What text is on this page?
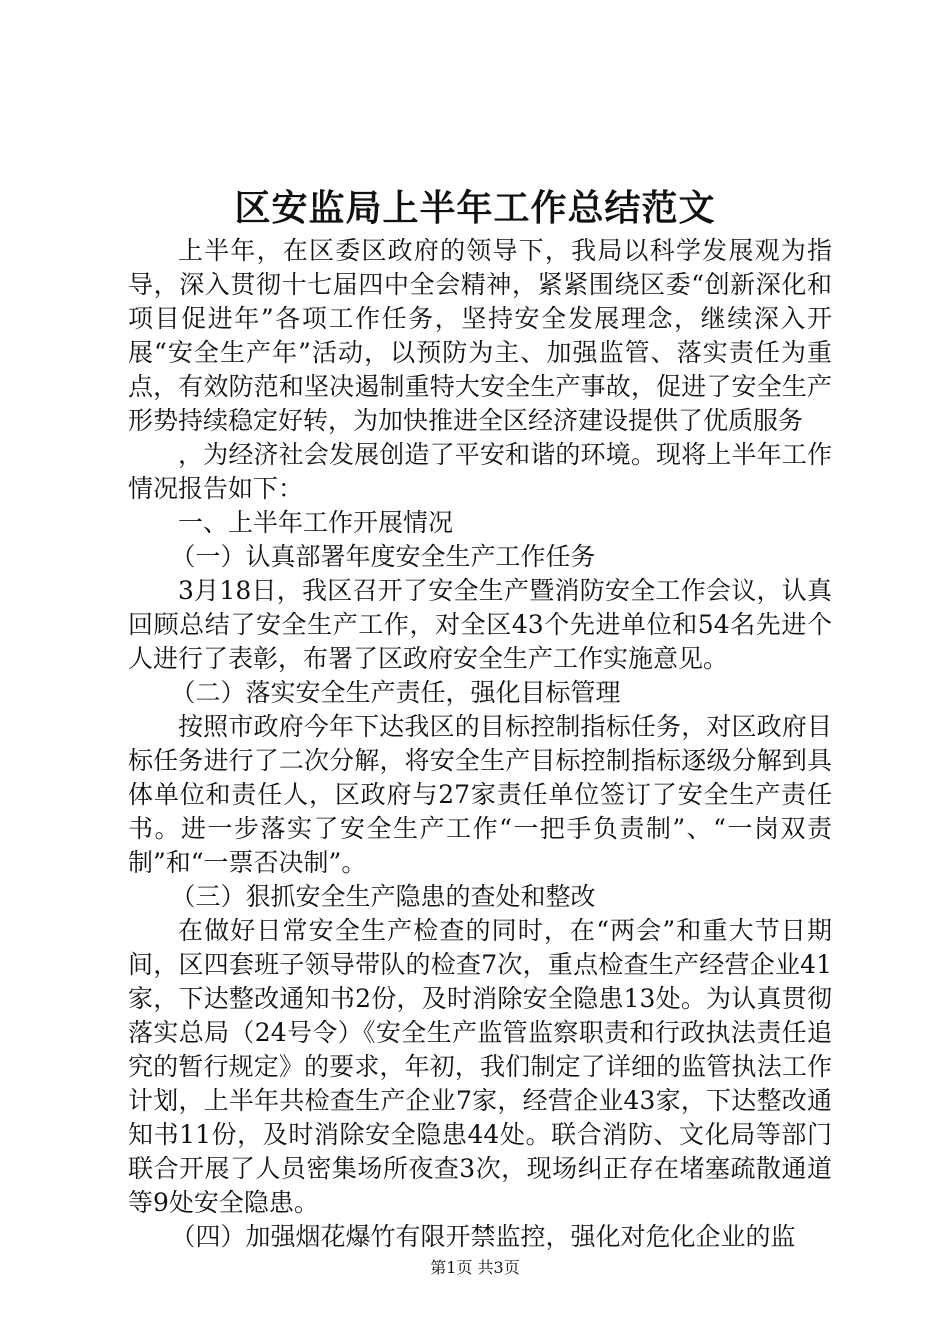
区安监局上半年工作总结范文

上半年，在区委区政府的领导下，我局以科学发展观为指导，深入贯彻十七届四中全会精神，紧紧围绕区委“创新深化和项目促进年”各项工作任务，坚持安全发展理念，继续深入开展“安全生产年”活动，以预防为主、加强监管、落实责任为重点，有效防范和坚决遏制重特大安全生产事故，促进了安全生产形势持续稳定好转，为加快推进全区经济建设提供了优质服务

，为经济社会发展创造了平安和谐的环境。现将上半年工作情况报告如下：

一、上半年工作开展情况

（一）认真部署年度安全生产工作任务

3月18日，我区召开了安全生产暨消防安全工作会议，认真回顾总结了安全生产工作，对全区43个先进单位和54名先进个人进行了表彰，布署了区政府安全生产工作实施意见。

（二）落实安全生产责任，强化目标管理

按照市政府今年下达我区的目标控制指标任务，对区政府目标任务进行了二次分解，将安全生产目标控制指标逐级分解到具体单位和责任人，区政府与27家责任单位签订了安全生产责任书。进一步落实了安全生产工作“一把手负责制”、“一岗双责制”和“一票否决制”。

（三）狠抓安全生产隐患的查处和整改

在做好日常安全生产检查的同时，在“两会”和重大节日期间，区四套班子领导带队的检查7次，重点检查生产经营企业41家，下达整改通知书2份，及时消除安全隐患13处。为认真贯彻落实总局（24号令）《安全生产监管监察职责和行政执法责任追究的暂行规定》的要求，年初，我们制定了详细的监管执法工作计划，上半年共检查生产企业7家，经营企业43家，下达整改通知书11份，及时消除安全隐患44处。联合消防、文化局等部门联合开展了人员密集场所夜查3次，现场纠正存在堵塞疏散通道等9处安全隐患。

（四）加强烟花爆竹有限开禁监控，强化对危化企业的监

第1页 共3页
